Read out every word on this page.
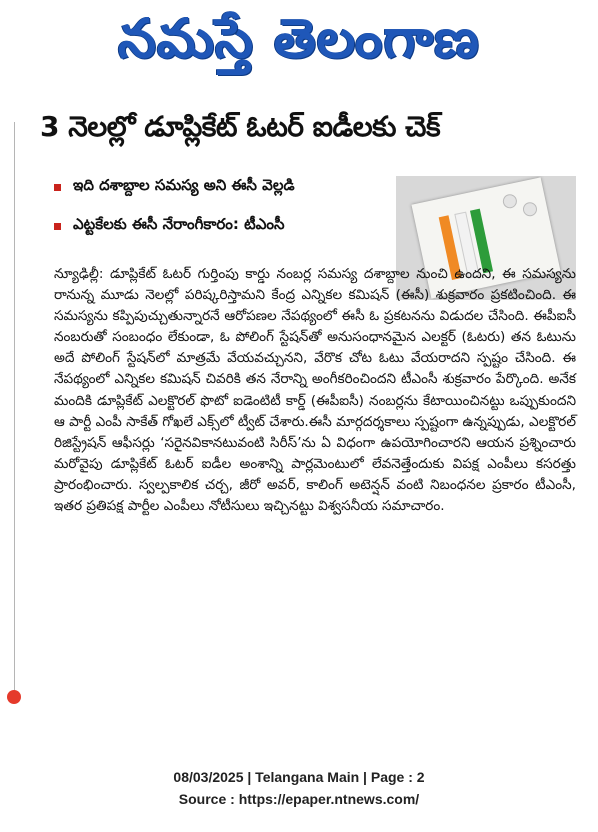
నమస్తే తెలంగాణ
3 నెలల్లో డూప్లికేట్ ఓటర్ ఐడీలకు చెక్
ఇది దశాబ్దాల సమస్య అని ఈసీ వెల్లడి
ఎట్టకేలకు ఈసీ నేరాంగీకారం: టీఎంసీ
న్యూఢిల్లీ: డూప్లికేట్ ఓటర్ గుర్తింపు కార్డు నంబర్ల సమస్య దశాబ్దాల నుంచి ఉందని, ఈ సమస్యను రానున్న మూడు నెలల్లో పరిష్కరిస్తామని కేంద్ర ఎన్నికల కమిషన్ (ఈసీ) శుక్రవారం ప్రకటించింది. ఈ సమస్యను కప్పిపుచ్చుతున్నారనే ఆరోపణల నేపథ్యంలో ఈసీ ఓ ప్రకటనను విడుదల చేసింది. ఈపీఐసీ నంబరుతో సంబంధం లేకుండా, ఓ పోలింగ్ స్టేషన్‌తో అనుసంధానమైన ఎలక్టర్ (ఓటరు) తన ఓటును అదే పోలింగ్ స్టేషన్‌లో మాత్రమే వేయవచ్చునని, వేరొక చోట ఓటు వేయరాదని స్పష్టం చేసింది. ఈ నేపథ్యంలో ఎన్నికల కమిషన్ చివరికి తన నేరాన్ని అంగీకరించిందని టీఎంసీ శుక్రవారం పేర్కొంది. అనేక మందికి డూప్లికేట్ ఎలక్టొరల్ ఫొటో ఐడెంటిటీ కార్డ్ (ఈపీఐసీ) నంబర్లను కేటాయించినట్టు ఒప్పుకుందని ఆ పార్టీ ఎంపీ సాకేత్ గోఖలే ఎక్స్‌లో ట్వీట్ చేశారు.ఈసీ మార్గదర్శకాలు స్పష్టంగా ఉన్నప్పుడు, ఎలక్టొరల్ రిజిస్ట్రేషన్ ఆఫీసర్లు ‘సరైనవికానటువంటి సిరీస్’ను ఏ విధంగా ఉపయోగించారని ఆయన ప్రశ్నించారు మరోవైపు డూప్లికేట్ ఓటర్ ఐడీల అంశాన్ని పార్లమెంటులో లేవనెత్తేందుకు విపక్ష ఎంపీలు కసరత్తు ప్రారంభించారు. స్వల్పకాలిక చర్చ, జీరో అవర్, కాలింగ్ అటెన్షన్ వంటి నిబంధనల ప్రకారం టీఎంసీ, ఇతర ప్రతిపక్ష పార్టీల ఎంపీలు నోటీసులు ఇచ్చినట్టు విశ్వసనీయ సమాచారం.
08/03/2025 | Telangana Main | Page : 2
Source : https://epaper.ntnews.com/
